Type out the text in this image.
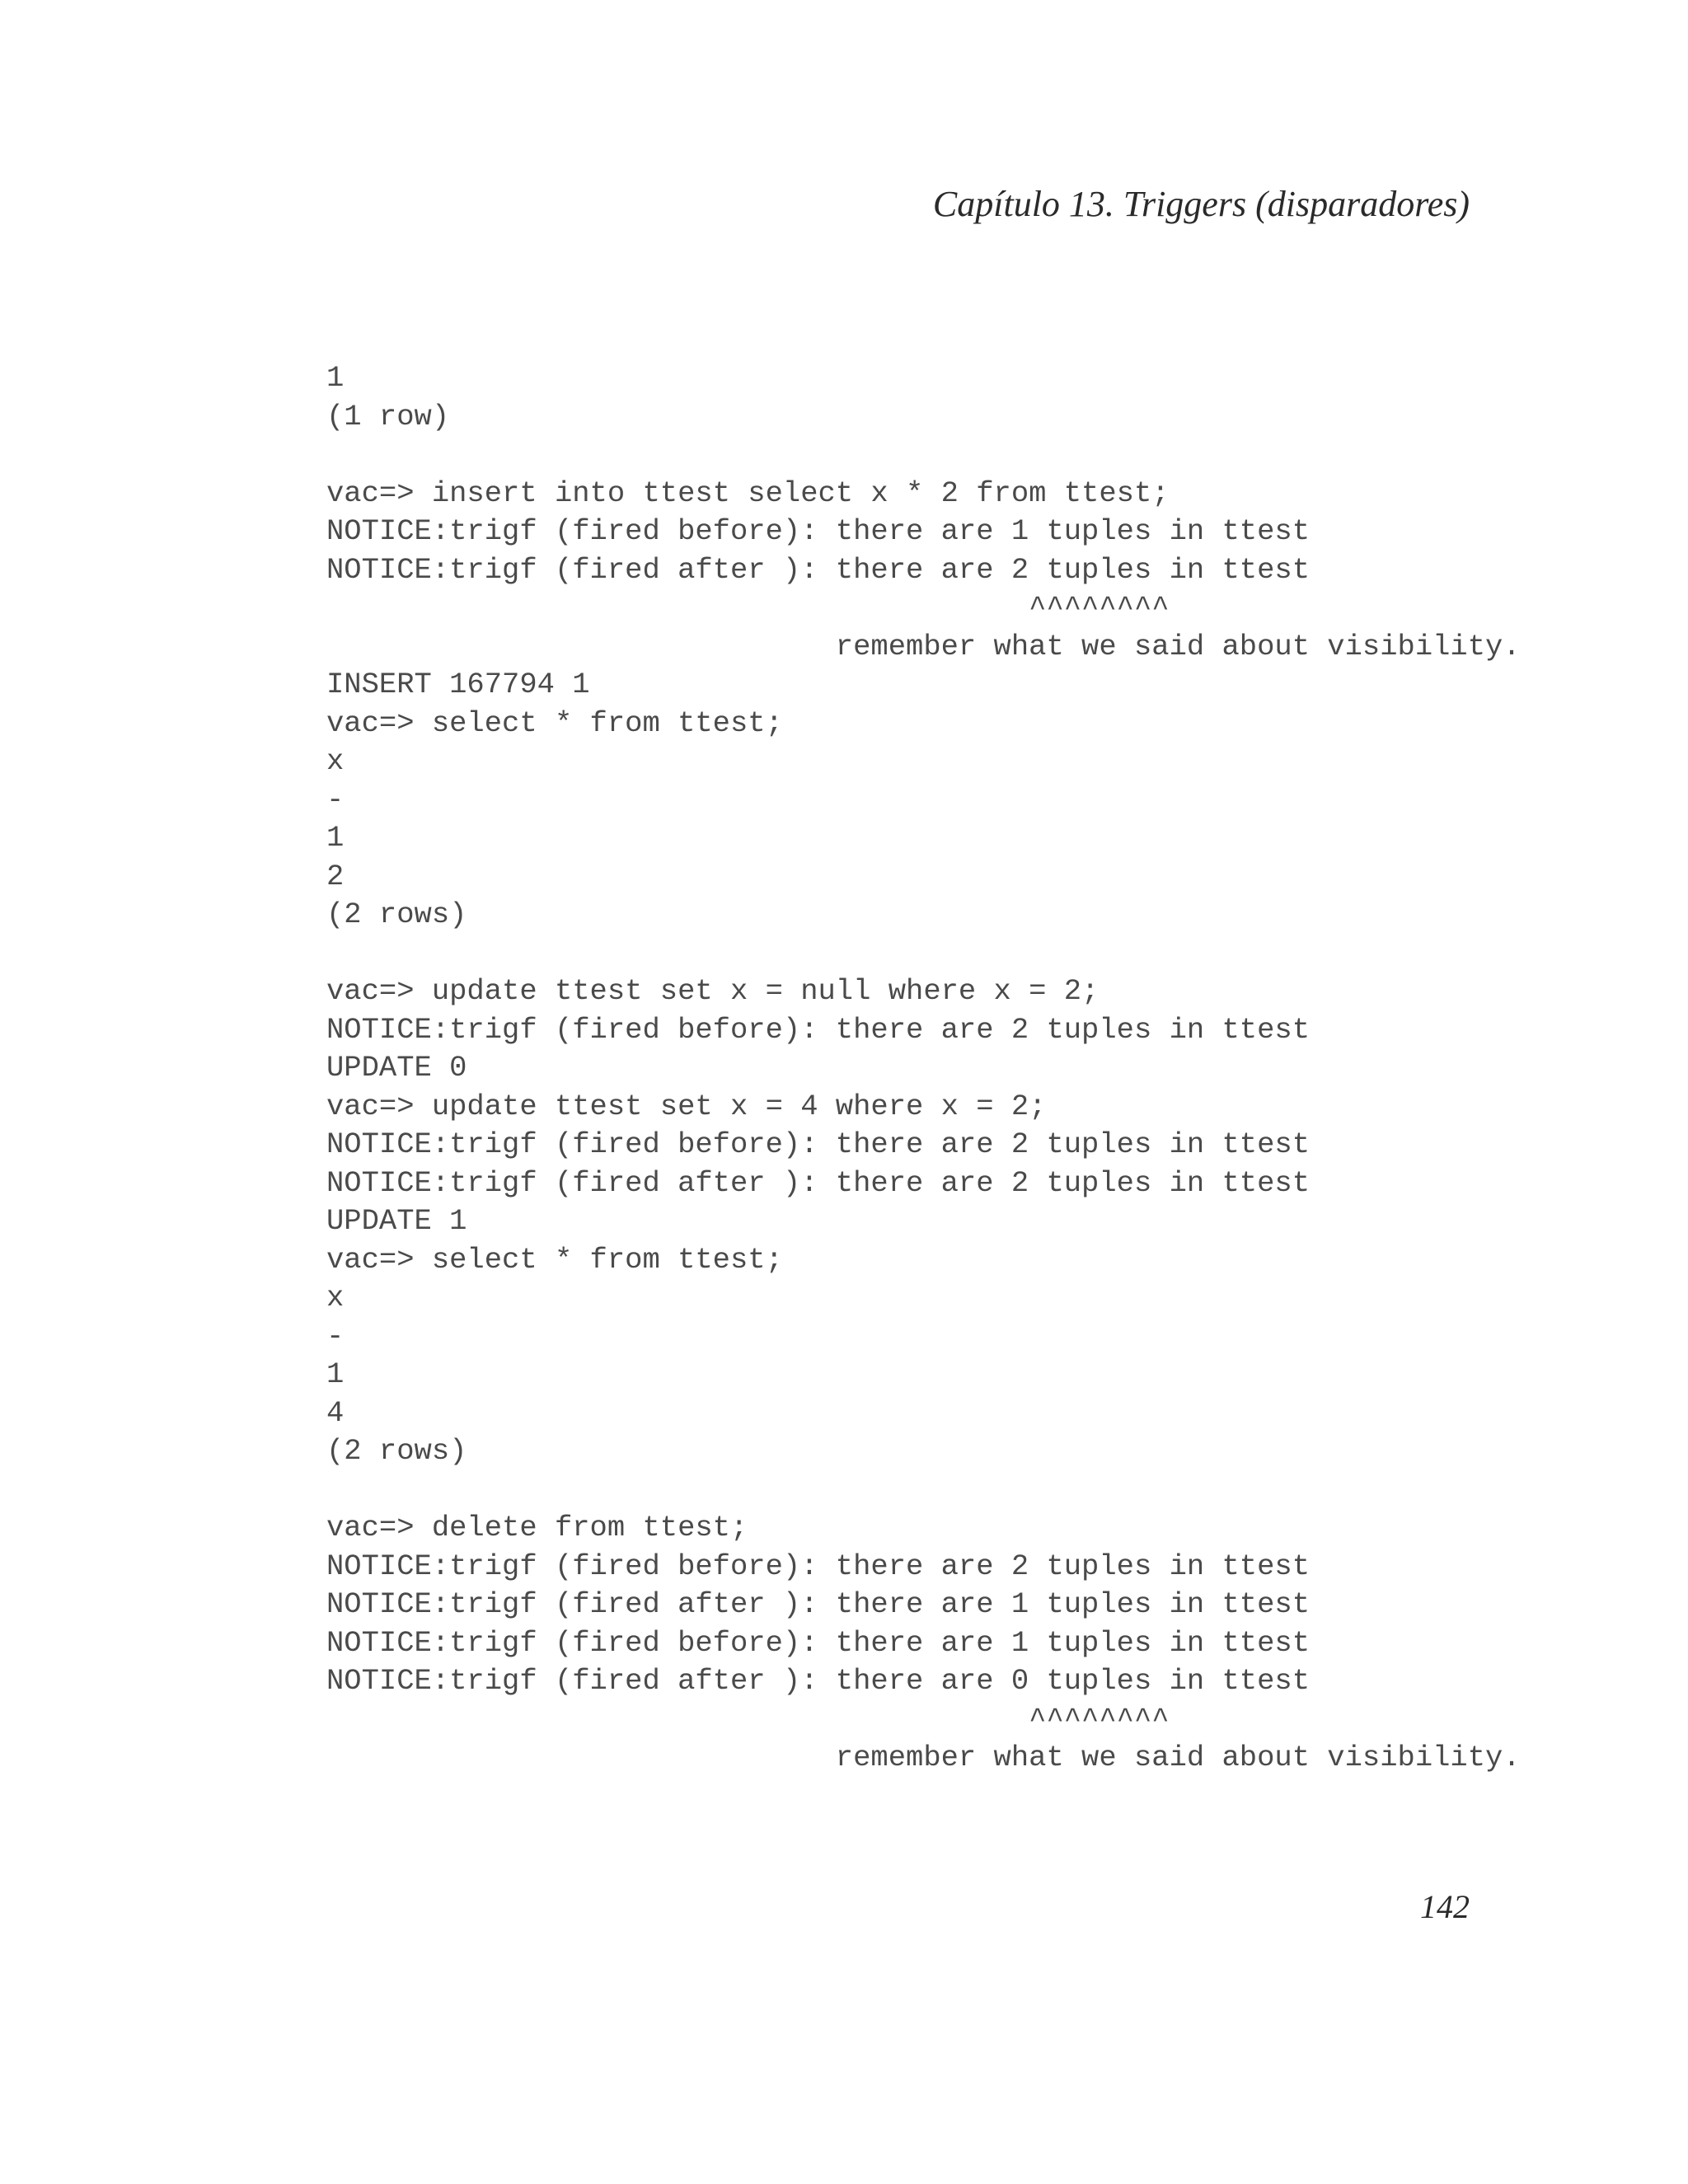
Capítulo 13. Triggers (disparadores)
1
(1 row)
vac=> insert into ttest select x * 2 from ttest;
NOTICE:trigf (fired before): there are 1 tuples in ttest
NOTICE:trigf (fired after ): there are 2 tuples in ttest
^^^^^^^^
remember what we said about visibility.
INSERT 167794 1
vac=> select * from ttest;
x
-
1
2
(2 rows)
vac=> update ttest set x = null where x = 2;
NOTICE:trigf (fired before): there are 2 tuples in ttest
UPDATE 0
vac=> update ttest set x = 4 where x = 2;
NOTICE:trigf (fired before): there are 2 tuples in ttest
NOTICE:trigf (fired after ): there are 2 tuples in ttest
UPDATE 1
vac=> select * from ttest;
x
-
1
4
(2 rows)
vac=> delete from ttest;
NOTICE:trigf (fired before): there are 2 tuples in ttest
NOTICE:trigf (fired after ): there are 1 tuples in ttest
NOTICE:trigf (fired before): there are 1 tuples in ttest
NOTICE:trigf (fired after ): there are 0 tuples in ttest
^^^^^^^^
remember what we said about visibility.
142
